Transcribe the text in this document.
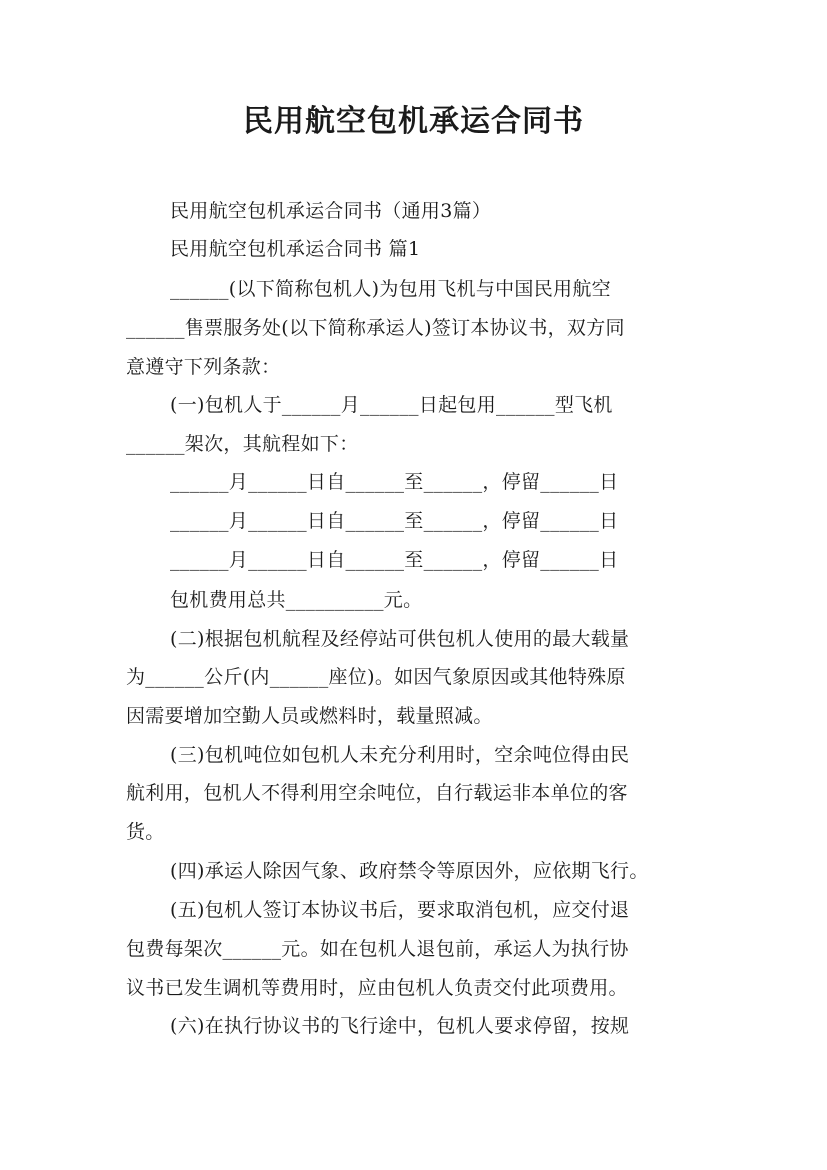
民用航空包机承运合同书
民用航空包机承运合同书（通用3篇）
民用航空包机承运合同书 篇1
______(以下简称包机人)为包用飞机与中国民用航空
______售票服务处(以下简称承运人)签订本协议书，双方同
意遵守下列条款：
(一)包机人于______月______日起包用______型飞机
______架次，其航程如下：
______月______日自______至______，停留______日
______月______日自______至______，停留______日
______月______日自______至______，停留______日
包机费用总共__________元。
(二)根据包机航程及经停站可供包机人使用的最大载量
为______公斤(内______座位)。如因气象原因或其他特殊原
因需要增加空勤人员或燃料时，载量照减。
(三)包机吨位如包机人未充分利用时，空余吨位得由民
航利用，包机人不得利用空余吨位，自行载运非本单位的客
货。
(四)承运人除因气象、政府禁令等原因外，应依期飞行。
(五)包机人签订本协议书后，要求取消包机，应交付退
包费每架次______元。如在包机人退包前，承运人为执行协
议书已发生调机等费用时，应由包机人负责交付此项费用。
(六)在执行协议书的飞行途中，包机人要求停留，按规
